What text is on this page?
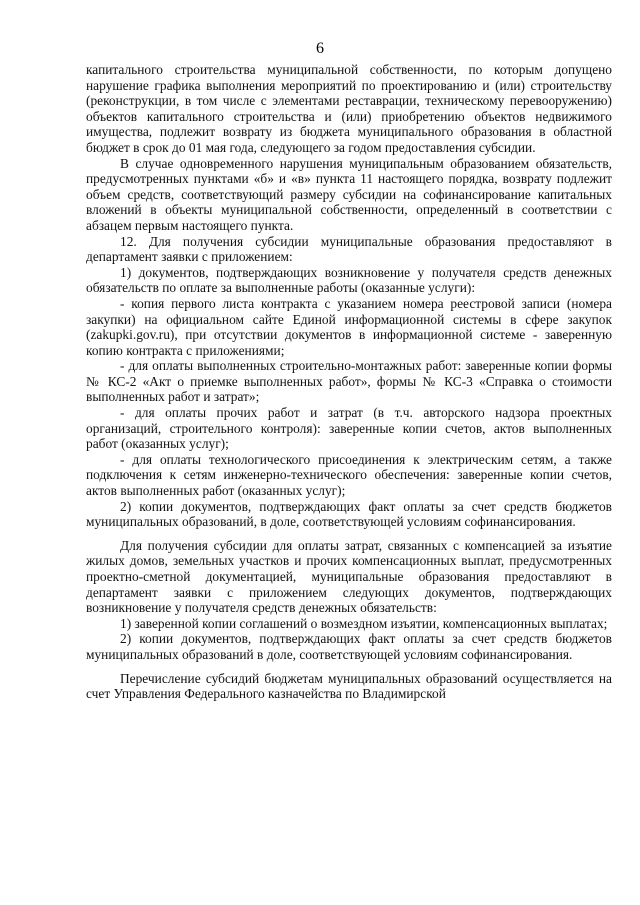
6

капитального строительства муниципальной собственности, по которым допущено нарушение графика выполнения мероприятий по проектированию и (или) строительству (реконструкции, в том числе с элементами реставрации, техническому перевооружению) объектов капитального строительства и (или) приобретению объектов недвижимого имущества, подлежит возврату из бюджета муниципального образования в областной бюджет в срок до 01 мая года, следующего за годом предоставления субсидии.

В случае одновременного нарушения муниципальным образованием обязательств, предусмотренных пунктами «б» и «в» пункта 11 настоящего порядка, возврату подлежит объем средств, соответствующий размеру субсидии на софинансирование капитальных вложений в объекты муниципальной собственности, определенный в соответствии с абзацем первым настоящего пункта.

12. Для получения субсидии муниципальные образования предоставляют в департамент заявки с приложением:

1) документов, подтверждающих возникновение у получателя средств денежных обязательств по оплате за выполненные работы (оказанные услуги):

- копия первого листа контракта с указанием номера реестровой записи (номера закупки) на официальном сайте Единой информационной системы в сфере закупок (zakupki.gov.ru), при отсутствии документов в информационной системе - заверенную копию контракта с приложениями;

- для оплаты выполненных строительно-монтажных работ: заверенные копии формы № КС-2 «Акт о приемке выполненных работ», формы № КС-3 «Справка о стоимости выполненных работ и затрат»;

- для оплаты прочих работ и затрат (в т.ч. авторского надзора проектных организаций, строительного контроля): заверенные копии счетов, актов выполненных работ (оказанных услуг);

- для оплаты технологического присоединения к электрическим сетям, а также подключения к сетям инженерно-технического обеспечения: заверенные копии счетов, актов выполненных работ (оказанных услуг);

2) копии документов, подтверждающих факт оплаты за счет средств бюджетов муниципальных образований, в доле, соответствующей условиям софинансирования.

Для получения субсидии для оплаты затрат, связанных с компенсацией за изъятие жилых домов, земельных участков и прочих компенсационных выплат, предусмотренных проектно-сметной документацией, муниципальные образования предоставляют в департамент заявки с приложением следующих документов, подтверждающих возникновение у получателя средств денежных обязательств:

1) заверенной копии соглашений о возмездном изъятии, компенсационных выплатах;

2) копии документов, подтверждающих факт оплаты за счет средств бюджетов муниципальных образований в доле, соответствующей условиям софинансирования.

Перечисление субсидий бюджетам муниципальных образований осуществляется на счет Управления Федерального казначейства по Владимирской
